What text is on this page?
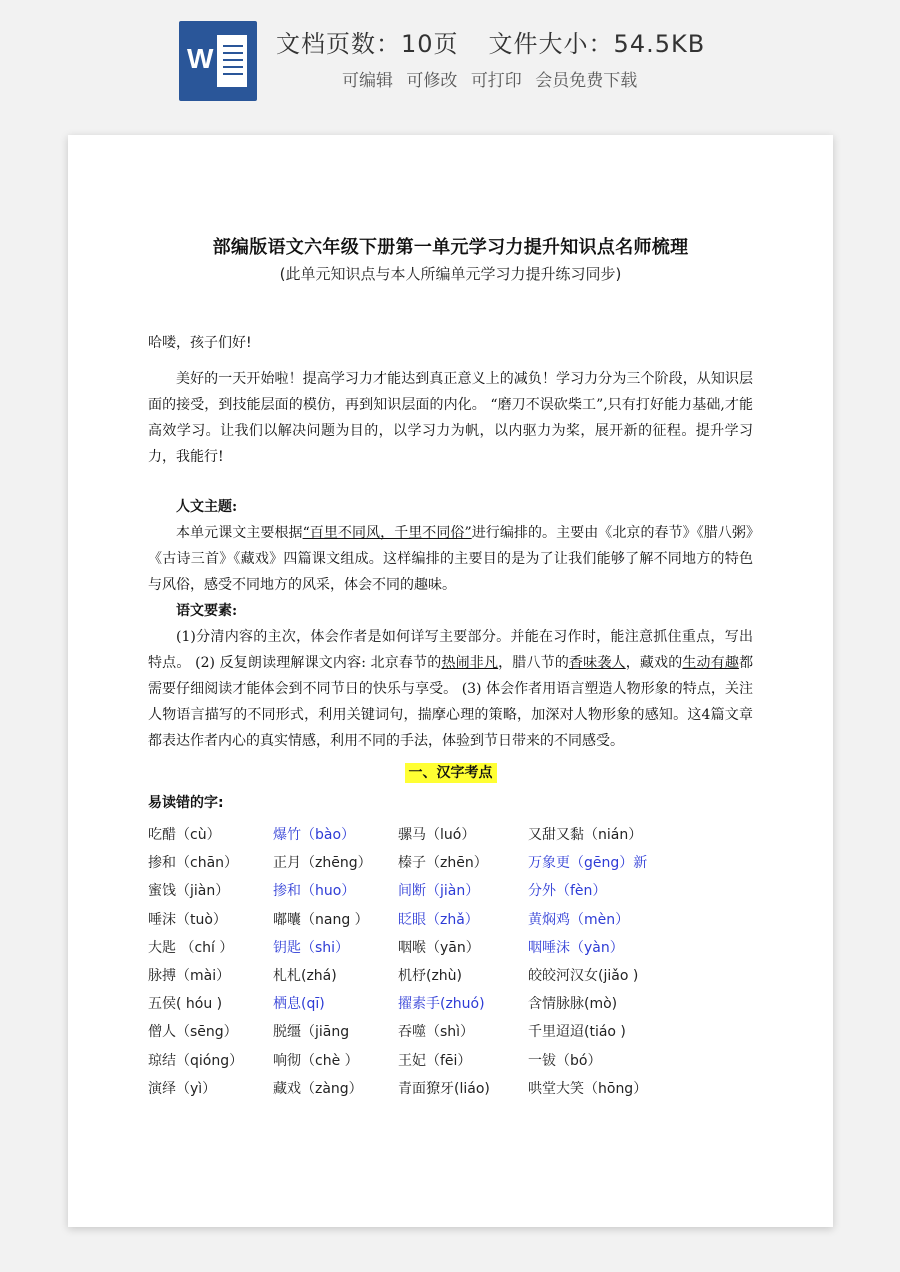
W	文档页数：10页 文件大小：54.5KB
可编辑 可修改 可打印 会员免费下载
部编版语文六年级下册第一单元学习力提升知识点名师梳理
(此单元知识点与本人所编单元学习力提升练习同步)
哈喽，孩子们好!

美好的一天开始啦！提高学习力才能达到真正意义上的减负！学习力分为三个阶段，从知识层面的接受，到技能层面的模仿，再到知识层面的内化。 “磨刀不误砍柴工”,只有打好能力基础,才能高效学习。让我们以解决问题为目的，以学习力为帆，以内驱力为桨，展开新的征程。提升学习力，我能行!

人文主题:

本单元课文主要根据“百里不同风，千里不同俗”进行编排的。主要由《北京的春节》《腊八粥》《古诗三首》《藏戏》四篇课文组成。这样编排的主要目的是为了让我们能够了解不同地方的特色与风俗，感受不同地方的风采，体会不同的趣味。

语文要素:

(1)分清内容的主次，体会作者是如何详写主要部分。并能在习作时，能注意抓住重点，写出特点。 (2) 反复朗读理解课文内容: 北京春节的热闹非凡，腊八节的香味袭人，藏戏的生动有趣都需要仔细阅读才能体会到不同节日的快乐与享受。 (3) 体会作者用语言塑造人物形象的特点，关注人物语言描写的不同形式，利用关键词句，揣摩心理的策略，加深对人物形象的感知。这4篇文章都表达作者内心的真实情感，利用不同的手法，体验到节日带来的不同感受。

一、汉字考点
易读错的字:
吃醋（cù）	爆竹（bào）	骡马（luó）	又甜又黏（nián）
掺和（chān） 正月（zhēng） 榛子（zhēn）	万象更（gēng）新
蜜饯（jiàn）	掺和（huo）	间断（jiàn）	分外（fèn）
唾沫（tuò）	嘟囔（nang ） 眨眼（zhǎ）	黄焖鸡（mèn）
大匙 （chí ）	钥匙（shi）	咽喉（yān）	咽唾沫（yàn）
脉搏（mài）	札札(zhá)	机杼(zhù)	皎皎河汉女(jiǎo )
五侯( hóu )	栖息(qī)	擢素手(zhuó)	含情脉脉(mò)
僧人（sēng）	脱缰（jiāng	吞噬（shì）	千里迢迢(tiáo )
琼结（qióng） 响彻（chè ）	王妃（fēi）	一钹（bó）
演绎（yì）	藏戏（zàng）	青面獠牙(liáo)	哄堂大笑（hōng）
